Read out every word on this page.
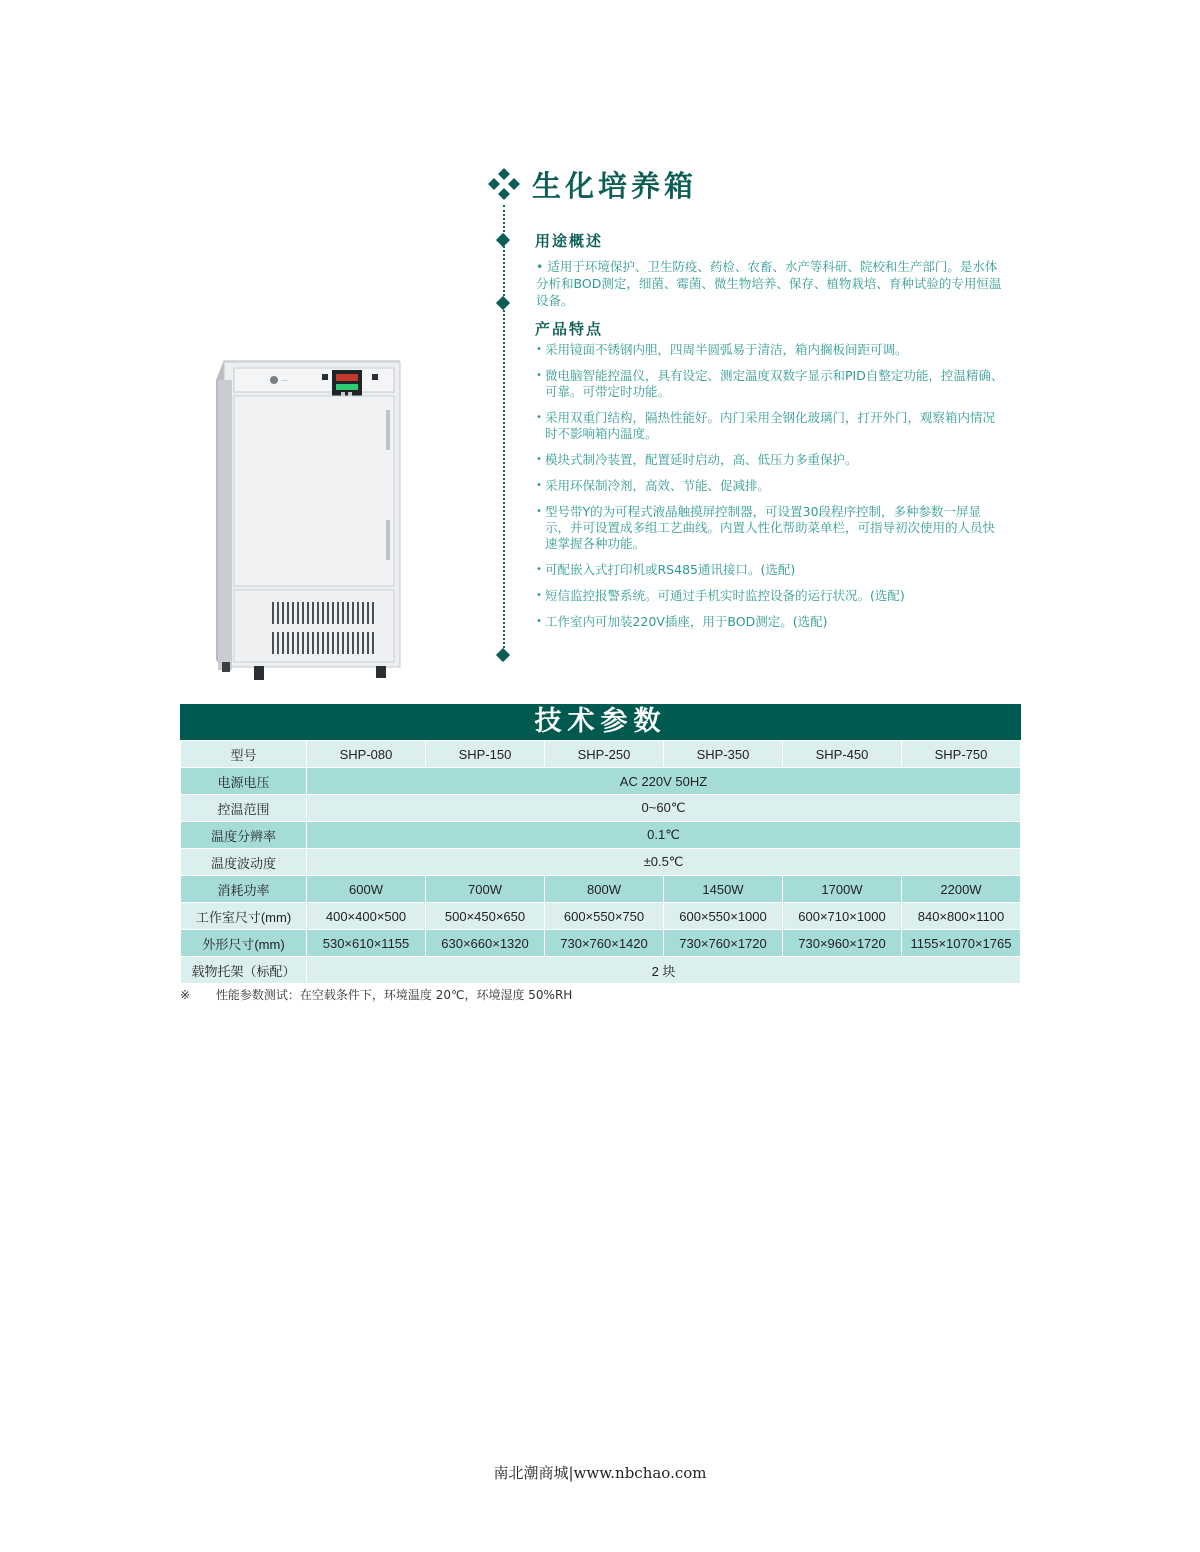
···
生化培养箱
用途概述
• 适用于环境保护、卫生防疫、药检、农畜、水产等科研、院校和生产部门。是水体分析和BOD测定，细菌、霉菌、微生物培养、保存、植物栽培、育种试验的专用恒温设备。
产品特点
• 采用镜面不锈钢内胆，四周半圆弧易于清洁，箱内搁板间距可调。
• 微电脑智能控温仪，具有设定、测定温度双数字显示和PID自整定功能，控温精确、可靠。可带定时功能。
• 采用双重门结构，隔热性能好。内门采用全钢化玻璃门，打开外门，观察箱内情况时不影响箱内温度。
• 模块式制冷装置，配置延时启动，高、低压力多重保护。
• 采用环保制冷剂，高效、节能、促减排。
• 型号带Y的为可程式液晶触摸屏控制器，可设置30段程序控制，多种参数一屏显示，并可设置成多组工艺曲线。内置人性化帮助菜单栏，可指导初次使用的人员快速掌握各种功能。
• 可配嵌入式打印机或RS485通讯接口。(选配)
• 短信监控报警系统。可通过手机实时监控设备的运行状况。(选配)
• 工作室内可加装220V插座，用于BOD测定。(选配)
技术参数
型号	SHP-080	SHP-150	SHP-250	SHP-350	SHP-450	SHP-750
电源电压	AC 220V 50HZ					
控温范围	0~60℃					
温度分辨率	0.1℃					
温度波动度	±0.5℃					
消耗功率	600W	700W	800W	1450W	1700W	2200W
工作室尺寸(mm)	400×400×500	500×450×650	600×550×750	600×550×1000	600×710×1000	840×800×1100
外形尺寸(mm)	530×610×1155	630×660×1320	730×760×1420	730×760×1720	730×960×1720	1155×1070×1765
载物托架（标配）	2 块					
※ 性能参数测试：在空载条件下，环境温度 20℃，环境湿度 50%RH
南北潮商城|www.nbchao.com
